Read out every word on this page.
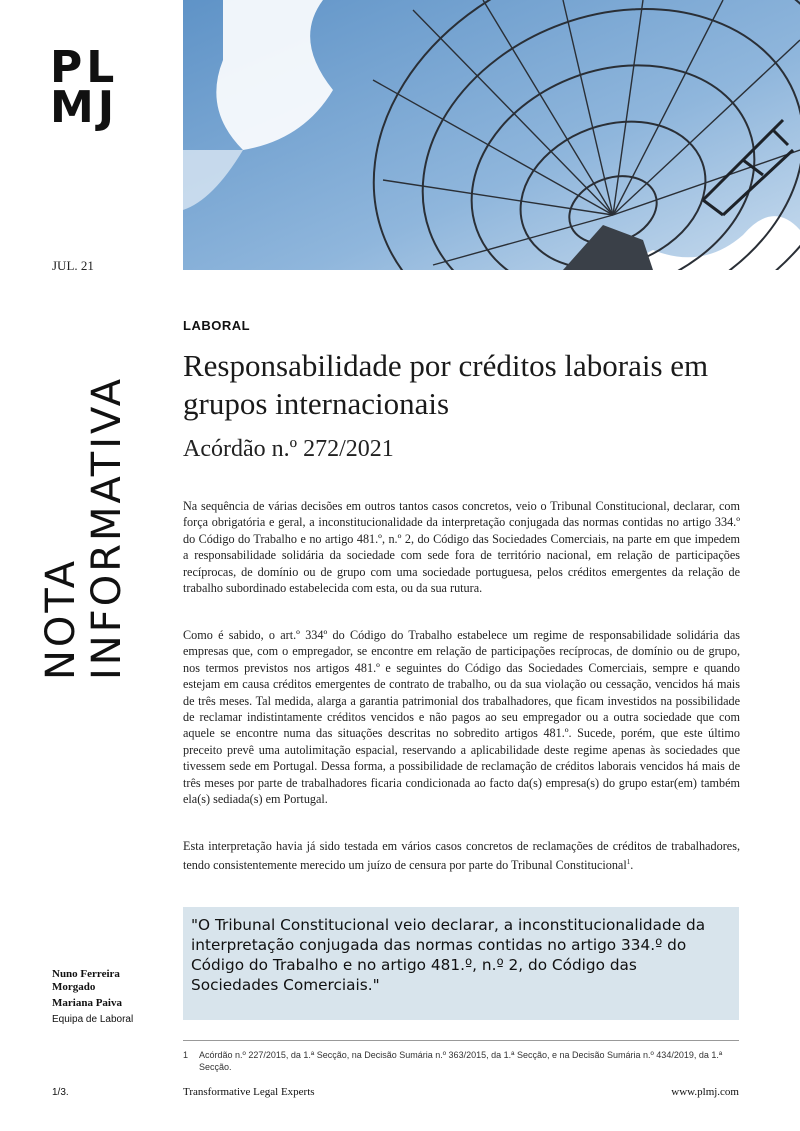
PL
MJ
JUL. 21
NOTA INFORMATIVA
LABORAL
Responsabilidade por créditos laborais em grupos internacionais
Acórdão n.º 272/2021

Na sequência de várias decisões em outros tantos casos concretos, veio o Tribunal Constitucional, declarar, com força obrigatória e geral, a inconstitucionalidade da interpretação conjugada das normas contidas no artigo 334.º do Código do Trabalho e no artigo 481.º, n.º 2, do Código das Sociedades Comerciais, na parte em que impedem a responsabilidade solidária da sociedade com sede fora de território nacional, em relação de participações recíprocas, de domínio ou de grupo com uma sociedade portuguesa, pelos créditos emergentes da relação de trabalho subordinado estabelecida com esta, ou da sua rutura.

Como é sabido, o art.º 334º do Código do Trabalho estabelece um regime de responsabilidade solidária das empresas que, com o empregador, se encontre em relação de participações recíprocas, de domínio ou de grupo, nos termos previstos nos artigos 481.º e seguintes do Código das Sociedades Comerciais, sempre e quando estejam em causa créditos emergentes de contrato de trabalho, ou da sua violação ou cessação, vencidos há mais de três meses. Tal medida, alarga a garantia patrimonial dos trabalhadores, que ficam investidos na possibilidade de reclamar indistintamente créditos vencidos e não pagos ao seu empregador ou a outra sociedade que com aquele se encontre numa das situações descritas no sobredito artigos 481.º. Sucede, porém, que este último preceito prevê uma autolimitação espacial, reservando a aplicabilidade deste regime apenas às sociedades que tivessem sede em Portugal. Dessa forma, a possibilidade de reclamação de créditos laborais vencidos há mais de três meses por parte de trabalhadores ficaria condicionada ao facto da(s) empresa(s) do grupo estar(em) também ela(s) sediada(s) em Portugal.

Esta interpretação havia já sido testada em vários casos concretos de reclamações de créditos de trabalhadores, tendo consistentemente merecido um juízo de censura por parte do Tribunal Constitucional$^1$.

"O Tribunal Constitucional veio declarar, a inconstitucionalidade da interpretação conjugada das normas contidas no artigo 334.º do Código do Trabalho e no artigo 481.º, n.º 2, do Código das Sociedades Comerciais."
Nuno Ferreira Morgado
Mariana Paiva
Equipa de Laboral
1 Acórdão n.º 227/2015, da 1.ª Secção, na Decisão Sumária n.º 363/2015, da 1.ª Secção, e na Decisão Sumária n.º 434/2019, da 1.ª Secção.
1/3.	Transformative Legal Experts	www.plmj.com
